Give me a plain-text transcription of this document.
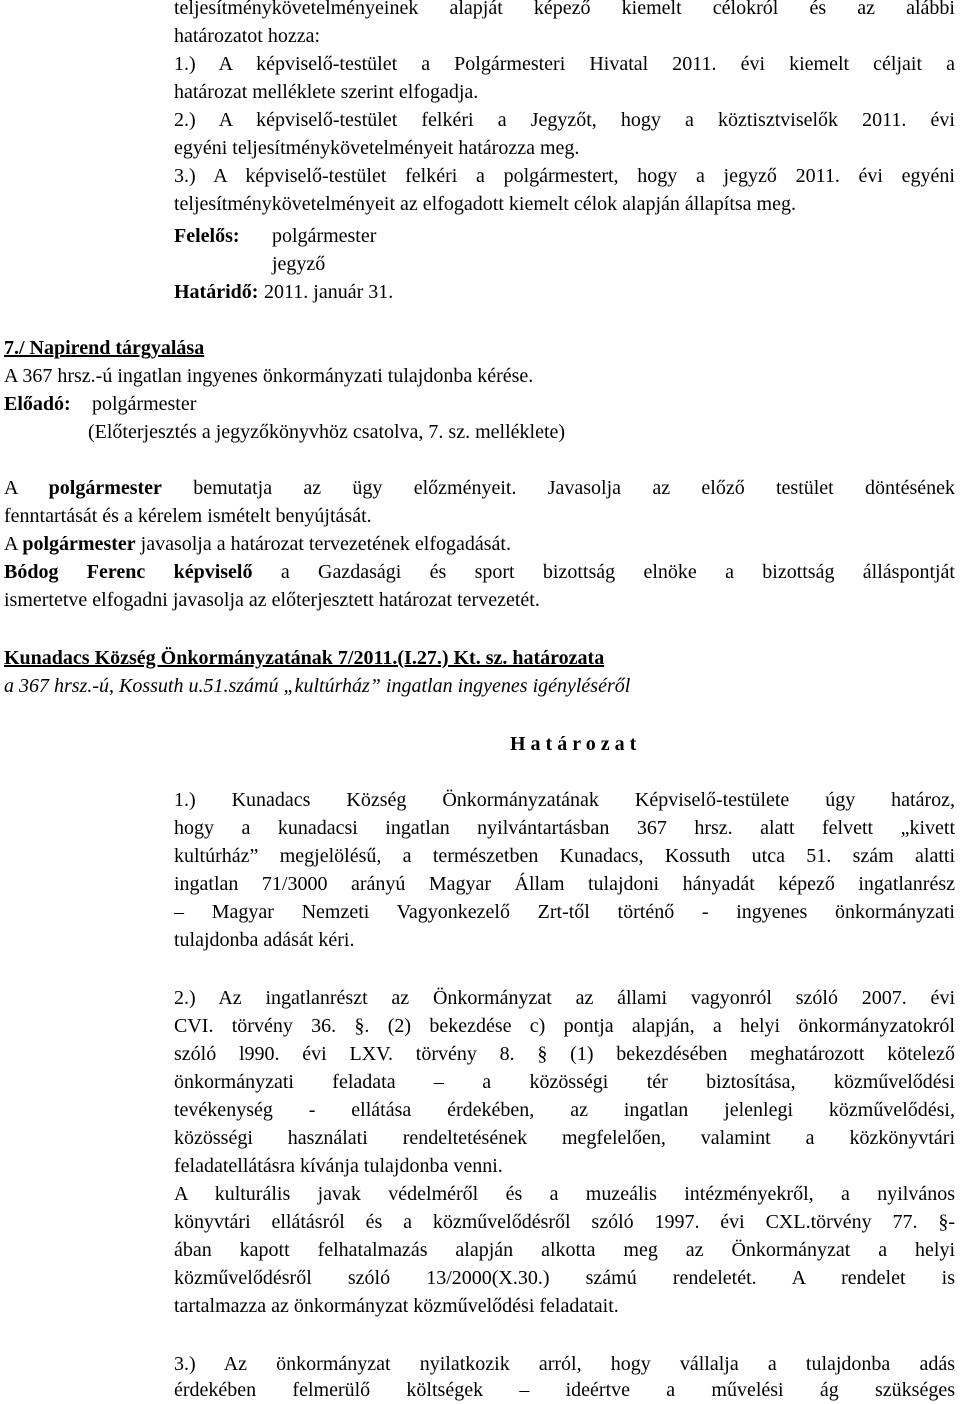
teljesítménykövetelményeinek alapját képező kiemelt célokról és az alábbi

határozatot hozza:

1.) A képviselő-testület a Polgármesteri Hivatal 2011. évi kiemelt céljait a

határozat melléklete szerint elfogadja.

2.) A képviselő-testület felkéri a Jegyzőt, hogy a köztisztviselők 2011. évi

egyéni teljesítménykövetelményeit határozza meg.

3.) A képviselő-testület felkéri a polgármestert, hogy a jegyző 2011. évi egyéni

teljesítménykövetelményeit az elfogadott kiemelt célok alapján állapítsa meg.

Felelős: polgármester
jegyző
Határidő: 2011. január 31.

7./ Napirend tárgyalása

A 367 hrsz.-ú ingatlan ingyenes önkormányzati tulajdonba kérése.

Előadó: polgármester

(Előterjesztés a jegyzőkönyvhöz csatolva, 7. sz. melléklete)

A polgármester bemutatja az ügy előzményeit. Javasolja az előző testület döntésének

fenntartását és a kérelem ismételt benyújtását.

A polgármester javasolja a határozat tervezetének elfogadását.
Bódog Ferenc képviselő a Gazdasági és sport bizottság elnöke a bizottság álláspontját

ismertetve elfogadni javasolja az előterjesztett határozat tervezetét.

Kunadacs Község Önkormányzatának 7/2011.(I.27.) Kt. sz. határozata

a 367 hrsz.-ú, Kossuth u.51.számú „kultúrház” ingatlan ingyenes igényléséről

H a t á r o z a t

1.) Kunadacs Község Önkormányzatának Képviselő-testülete úgy határoz,

hogy a kunadacsi ingatlan nyilvántartásban 367 hrsz. alatt felvett „kivett

kultúrház” megjelölésű, a természetben Kunadacs, Kossuth utca 51. szám alatti

ingatlan 71/3000 arányú Magyar Állam tulajdoni hányadát képező ingatlanrész

– Magyar Nemzeti Vagyonkezelő Zrt-től történő - ingyenes önkormányzati

tulajdonba adását kéri.

2.) Az ingatlanrészt az Önkormányzat az állami vagyonról szóló 2007. évi

CVI. törvény 36. §. (2) bekezdése c) pontja alapján, a helyi önkormányzatokról

szóló l990. évi LXV. törvény 8. § (1) bekezdésében meghatározott kötelező

önkormányzati feladata – a közösségi tér biztosítása, közművelődési

tevékenység - ellátása érdekében, az ingatlan jelenlegi közművelődési,

közösségi használati rendeltetésének megfelelően, valamint a közkönyvtári

feladatellátásra kívánja tulajdonba venni.

A kulturális javak védelméről és a muzeális intézményekről, a nyilvános

könyvtári ellátásról és a közművelődésről szóló 1997. évi CXL.törvény 77. §-

ában kapott felhatalmazás alapján alkotta meg az Önkormányzat a helyi

közművelődésről szóló 13/2000(X.30.) számú rendeletét. A rendelet is

tartalmazza az önkormányzat közművelődési feladatait.

3.) Az önkormányzat nyilatkozik arról, hogy vállalja a tulajdonba adás

érdekében felmerülő költségek – ideértve a művelési ág szükséges
